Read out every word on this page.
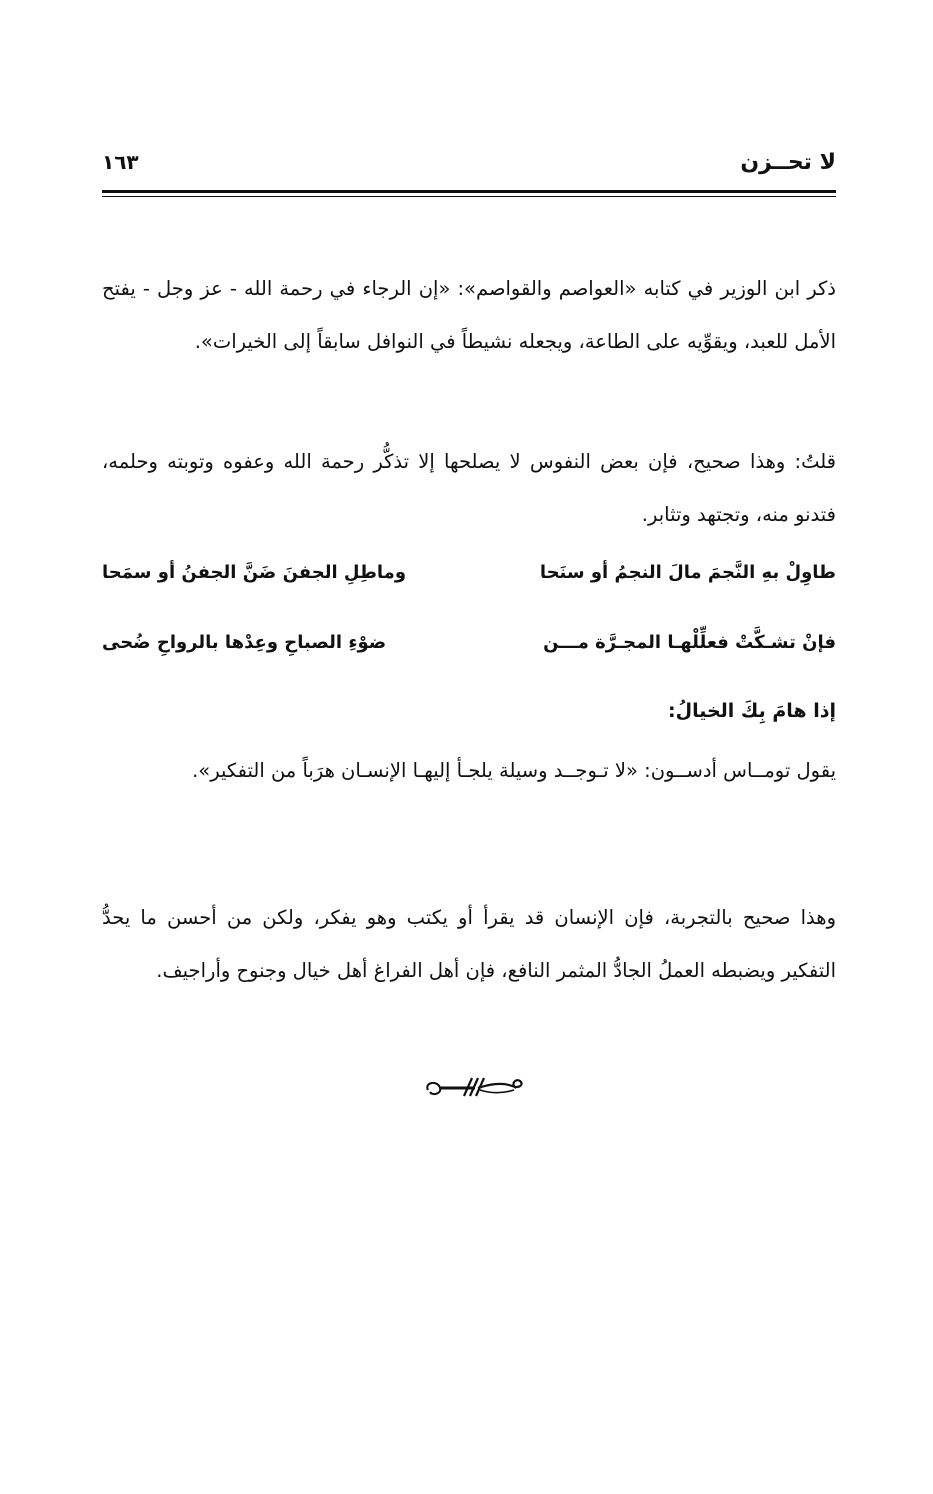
لا تحــزن
١٦٣
ذكر ابن الوزير في كتابه «العواصم والقواصم»: «إن الرجاء في رحمة الله - عز وجل - يفتح الأمل للعبد، ويقوِّيه على الطاعة، ويجعله نشيطاً في النوافل سابقاً إلى الخيرات».
قلتُ: وهذا صحيح، فإن بعض النفوس لا يصلحها إلا تذكُّر رحمة الله وعفوه وتوبته وحلمه، فتدنو منه، وتجتهد وتثابر.
طاوِلْ بهِ النَّجمَ مالَ النجمُ أو سنَحا
وماطِلِ الجفنَ ضَنَّ الجفنُ أو سمَحا
فإنْ تشـكَّتْ فعلِّلْهـا المجـرَّة مـــن
ضوْءِ الصباحِ وعِدْها بالرواحِ ضُحى
إذا هامَ بِكَ الخيالُ:
يقول تومــاس أدســون: «لا تـوجــد وسيلة يلجـأ إليهـا الإنسـان هرَباً من التفكير».
وهذا صحيح بالتجربة، فإن الإنسان قد يقرأ أو يكتب وهو يفكر، ولكن من أحسن ما يحدُّ التفكير ويضبطه العملُ الجادُّ المثمر النافع، فإن أهل الفراغ أهل خيال وجنوح وأراجيف.
